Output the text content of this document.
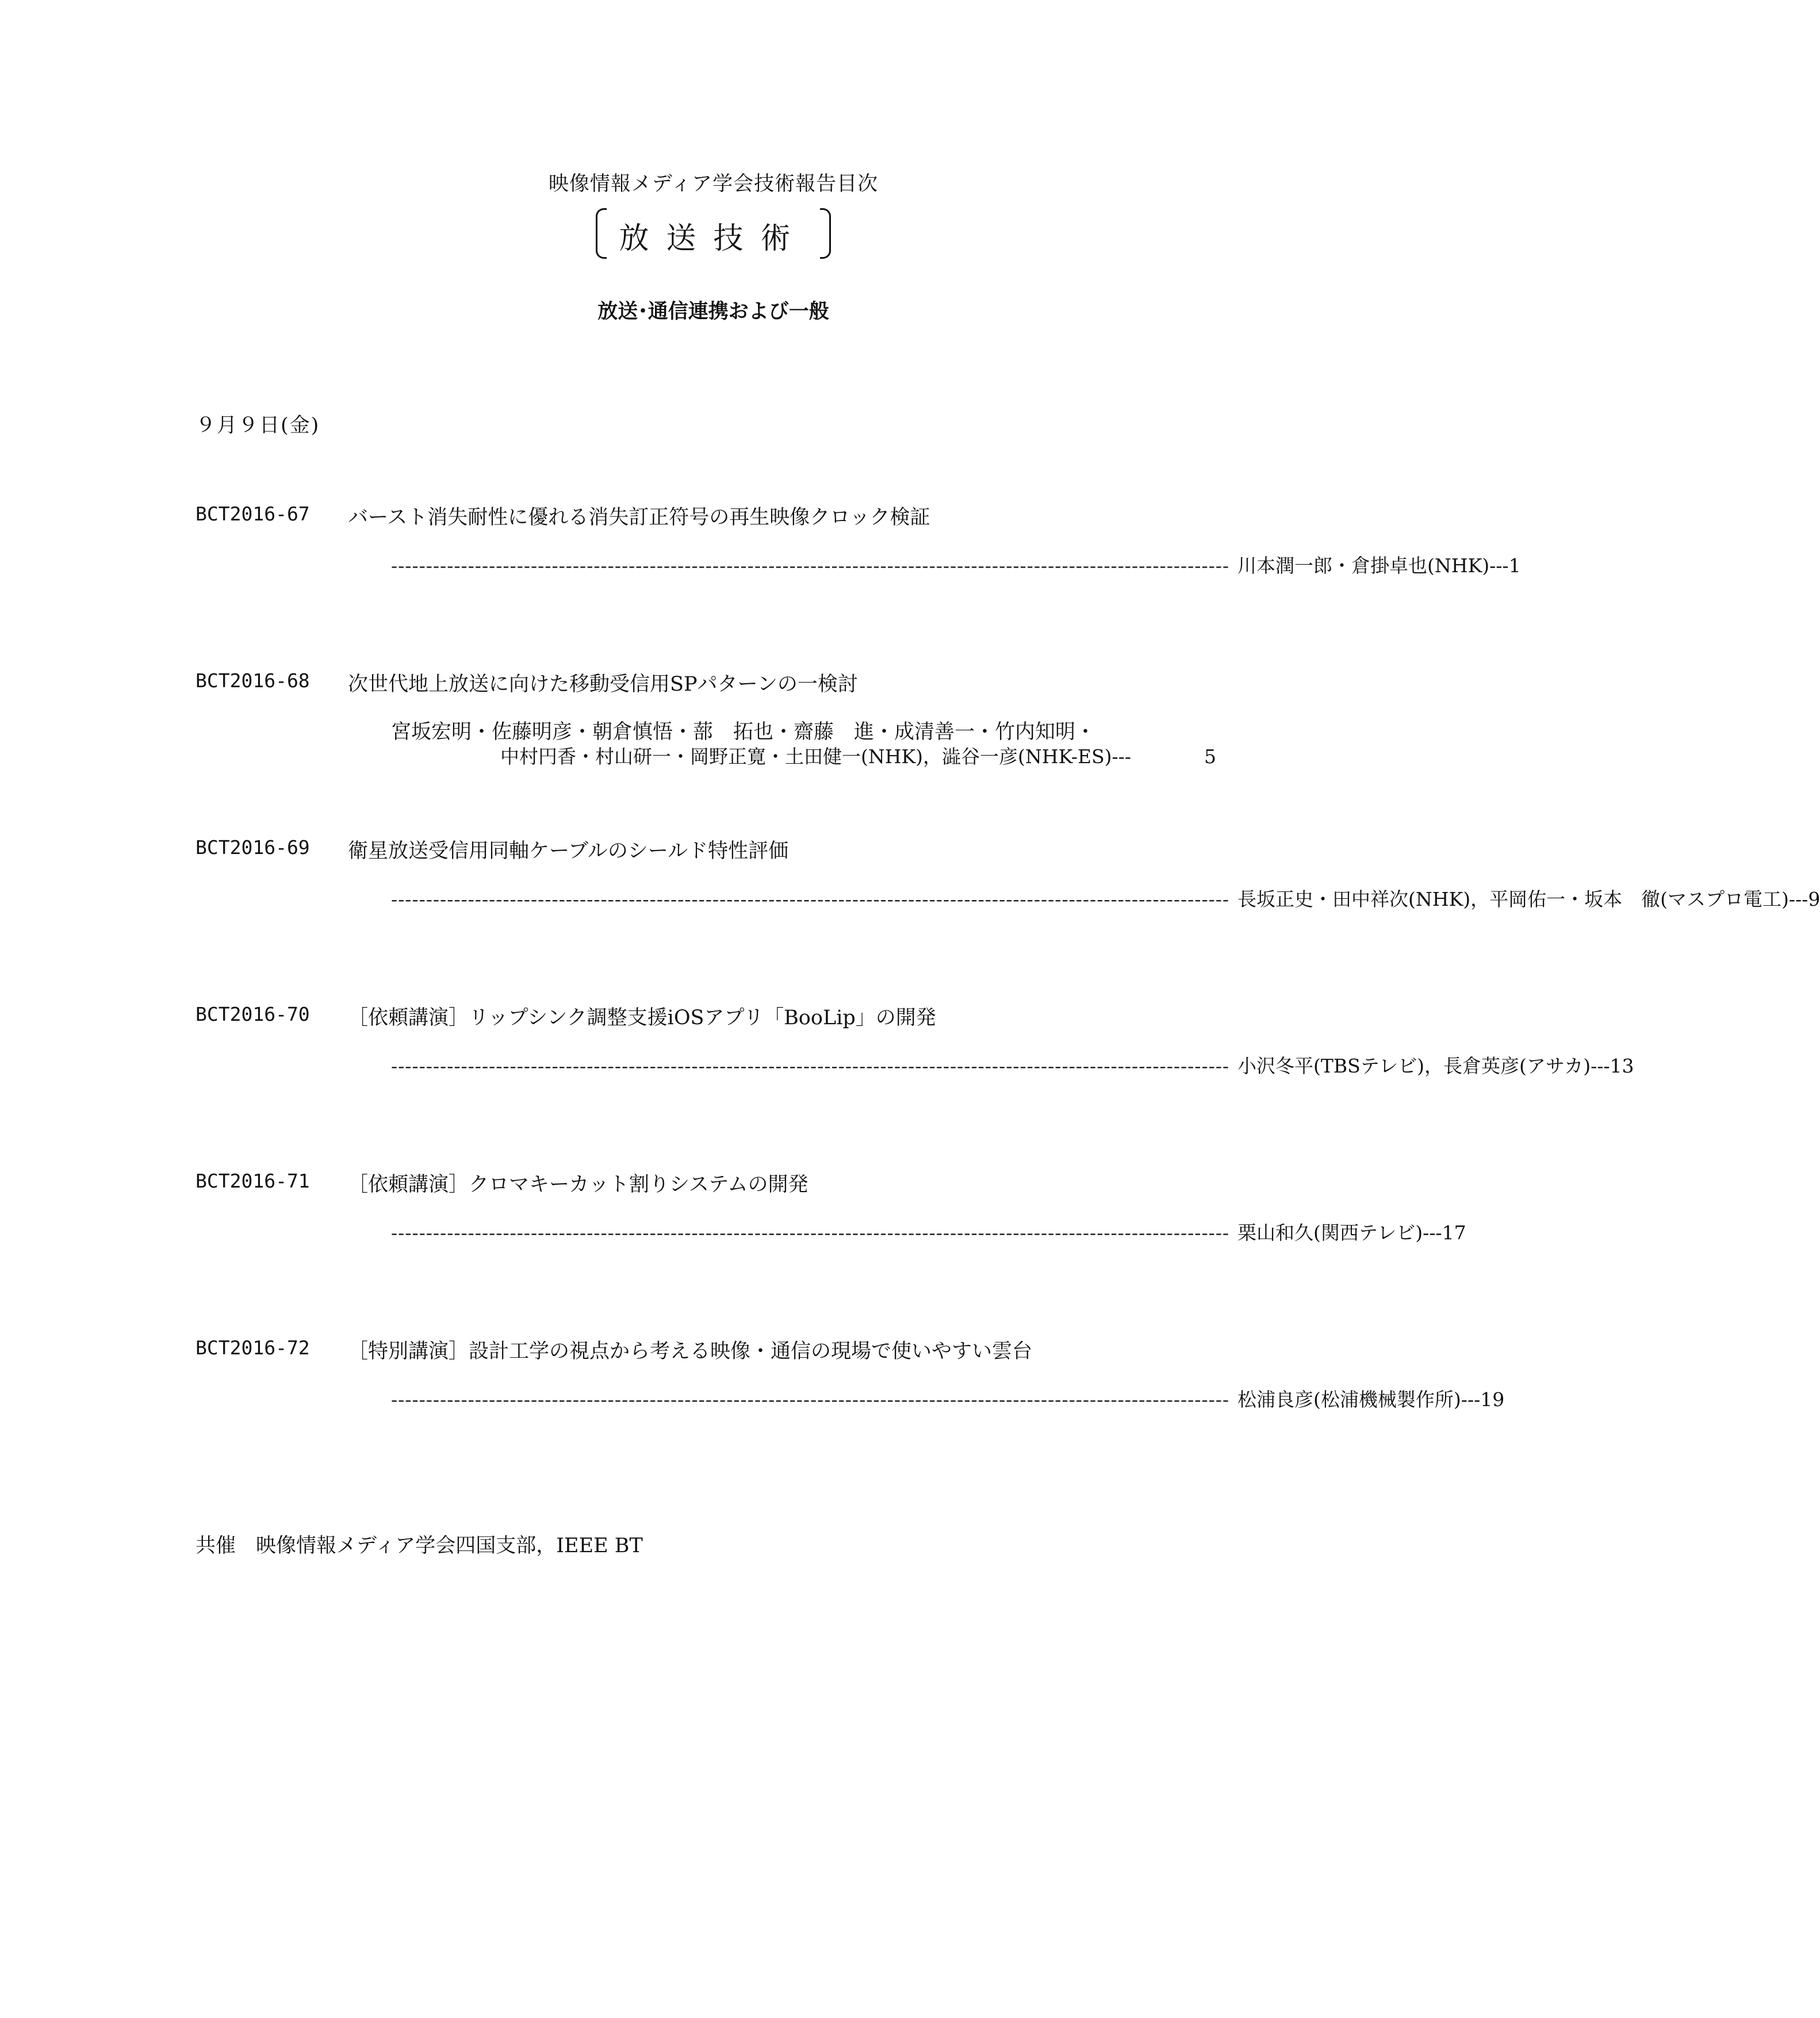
映像情報メディア学会技術報告目次
放送技術
放送･通信連携および一般
９月９日(金)
BCT2016-67 バースト消失耐性に優れる消失訂正符号の再生映像クロック検証
------------------------------------------------------------------------------------------------------------------------ 川本潤一郎・倉掛卓也(NHK)--- 1
BCT2016-68 次世代地上放送に向けた移動受信用SPパターンの一検討
宮坂宏明・佐藤明彦・朝倉慎悟・蔀　拓也・齋藤　進・成清善一・竹内知明・
中村円香・村山研一・岡野正寛・土田健一(NHK)，澁谷一彦(NHK-ES)---	5
BCT2016-69 衛星放送受信用同軸ケーブルのシールド特性評価
------------------------------------------------------------------------------------------------------------------------ 長坂正史・田中祥次(NHK)，平岡佑一・坂本　徹(マスプロ電工)--- 9
BCT2016-70 ［依頼講演］リップシンク調整支援iOSアプリ「BooLip」の開発
------------------------------------------------------------------------------------------------------------------------ 小沢冬平(TBSテレビ)，長倉英彦(アサカ)--- 13
BCT2016-71 ［依頼講演］クロマキーカット割りシステムの開発
------------------------------------------------------------------------------------------------------------------------ 栗山和久(関西テレビ)--- 17
BCT2016-72 ［特別講演］設計工学の視点から考える映像・通信の現場で使いやすい雲台
------------------------------------------------------------------------------------------------------------------------ 松浦良彦(松浦機械製作所)--- 19
共催　映像情報メディア学会四国支部，IEEE BT
